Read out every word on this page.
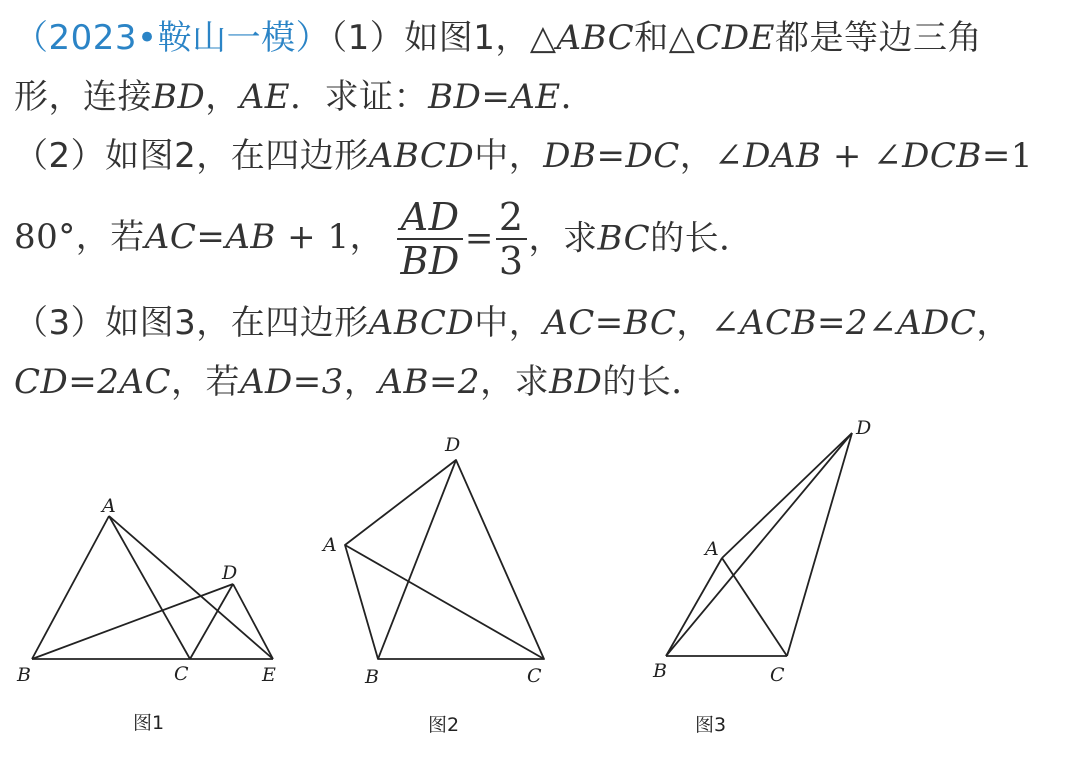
（2023•鞍山一模）（1）如图1，△ABC和△CDE都是等边三角
形，连接BD，AE．求证：BD=AE．
（2）如图2，在四边形ABCD中，DB=DC，∠DAB + ∠DCB=1
80°，若AC=AB + 1， $\frac{AD}{BD} = \frac{2}{3}$ ，求BC的长．
（3）如图3，在四边形ABCD中，AC=BC，∠ACB=2∠ADC，
CD=2AC，若AD=3，AB=2，求BD的长．
A
B	C
D
E
图1
A
B	C
D
图2
A
B	C
D
图3
